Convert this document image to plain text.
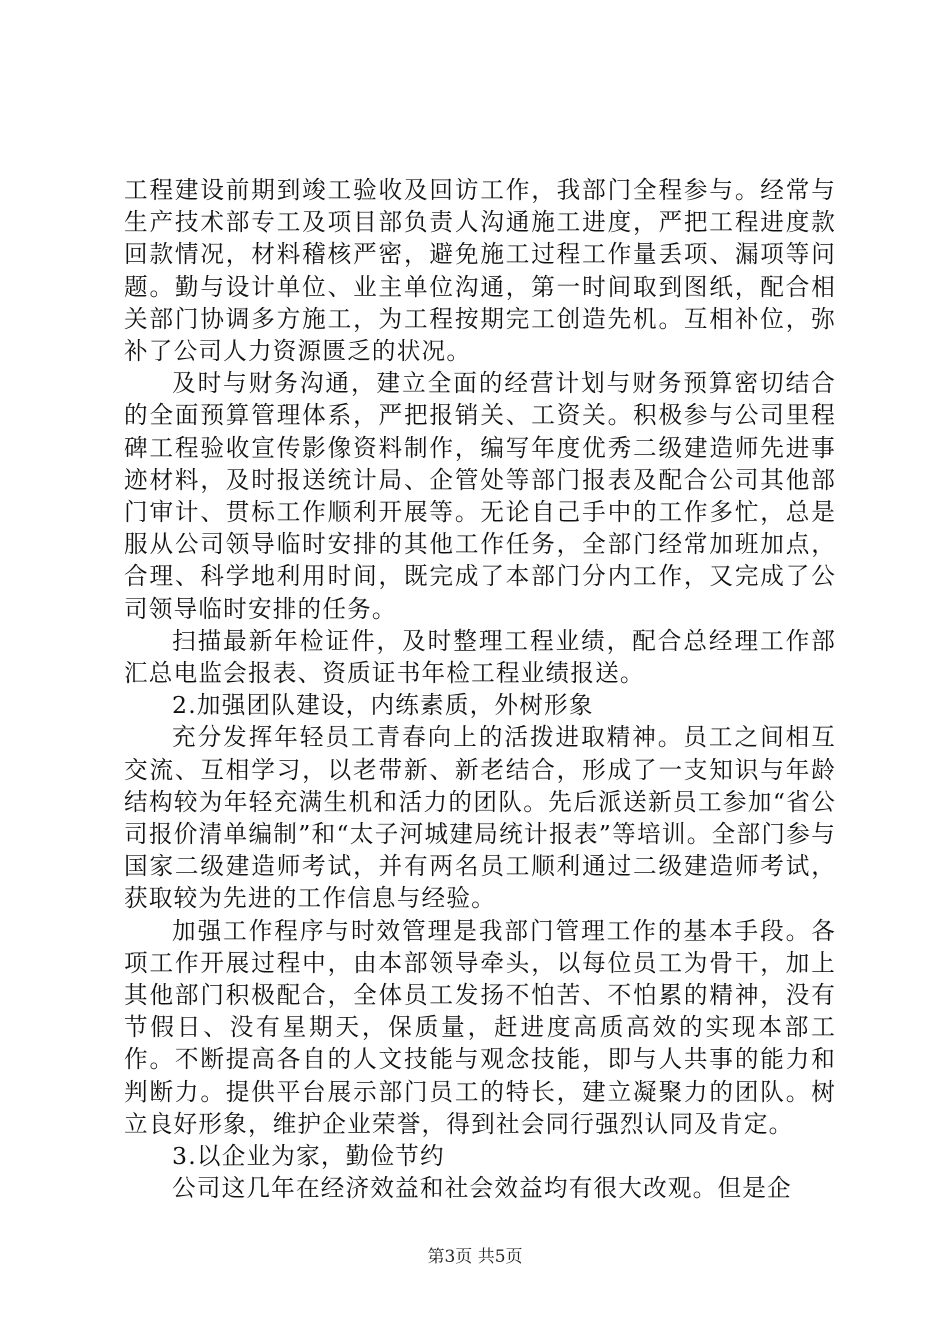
工程建设前期到竣工验收及回访工作，我部门全程参与。经常与生产技术部专工及项目部负责人沟通施工进度，严把工程进度款回款情况，材料稽核严密，避免施工过程工作量丢项、漏项等问题。勤与设计单位、业主单位沟通，第一时间取到图纸，配合相关部门协调多方施工，为工程按期完工创造先机。互相补位，弥补了公司人力资源匮乏的状况。

及时与财务沟通，建立全面的经营计划与财务预算密切结合的全面预算管理体系，严把报销关、工资关。积极参与公司里程碑工程验收宣传影像资料制作，编写年度优秀二级建造师先进事迹材料，及时报送统计局、企管处等部门报表及配合公司其他部门审计、贯标工作顺利开展等。无论自己手中的工作多忙，总是服从公司领导临时安排的其他工作任务，全部门经常加班加点，合理、科学地利用时间，既完成了本部门分内工作，又完成了公司领导临时安排的任务。

扫描最新年检证件，及时整理工程业绩，配合总经理工作部汇总电监会报表、资质证书年检工程业绩报送。

2.加强团队建设，内练素质，外树形象

充分发挥年轻员工青春向上的活拨进取精神。员工之间相互交流、互相学习，以老带新、新老结合，形成了一支知识与年龄结构较为年轻充满生机和活力的团队。先后派送新员工参加“省公司报价清单编制”和“太子河城建局统计报表”等培训。全部门参与国家二级建造师考试，并有两名员工顺利通过二级建造师考试，获取较为先进的工作信息与经验。

加强工作程序与时效管理是我部门管理工作的基本手段。各项工作开展过程中，由本部领导牵头，以每位员工为骨干，加上其他部门积极配合，全体员工发扬不怕苦、不怕累的精神，没有节假日、没有星期天，保质量，赶进度高质高效的实现本部工作。不断提高各自的人文技能与观念技能，即与人共事的能力和判断力。提供平台展示部门员工的特长，建立凝聚力的团队。树立良好形象，维护企业荣誉，得到社会同行强烈认同及肯定。

3.以企业为家，勤俭节约

公司这几年在经济效益和社会效益均有很大改观。但是企

第3页 共5页
